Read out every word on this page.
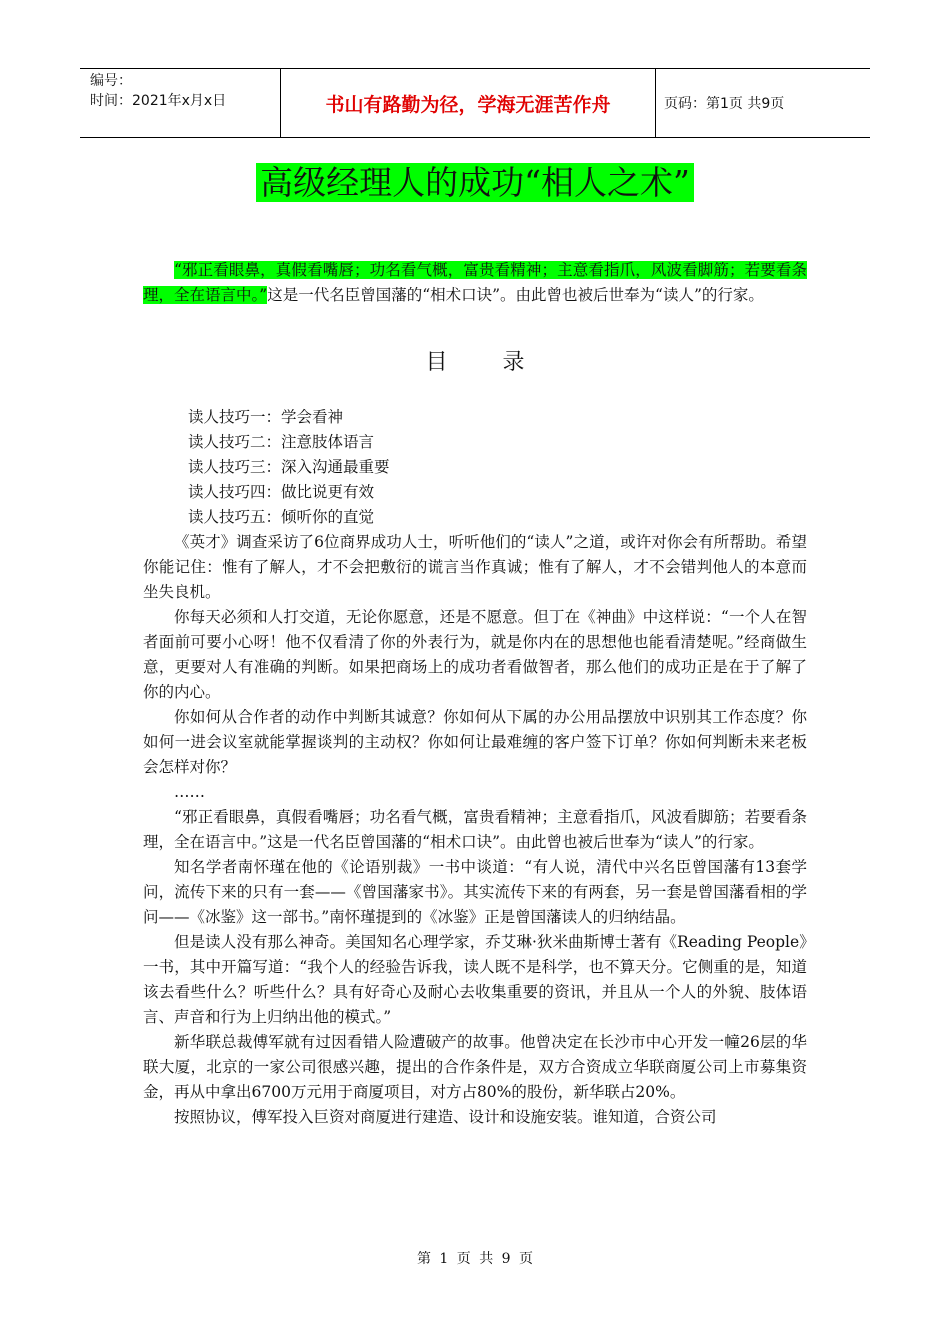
编号：
时间：2021年x月x日	书山有路勤为径，学海无涯苦作舟	页码：第1页 共9页
高级经理人的成功“相人之术”

“邪正看眼鼻，真假看嘴唇；功名看气概，富贵看精神；主意看指爪，风波看脚筋；若要看条理，全在语言中。”这是一代名臣曾国藩的“相术口诀”。由此曾也被后世奉为“读人”的行家。

目 录

读人技巧一：学会看神

读人技巧二：注意肢体语言

读人技巧三：深入沟通最重要

读人技巧四：做比说更有效

读人技巧五：倾听你的直觉

《英才》调查采访了6位商界成功人士，听听他们的“读人”之道，或许对你会有所帮助。希望你能记住：惟有了解人，才不会把敷衍的谎言当作真诚；惟有了解人，才不会错判他人的本意而坐失良机。

你每天必须和人打交道，无论你愿意，还是不愿意。但丁在《神曲》中这样说：“一个人在智者面前可要小心呀！他不仅看清了你的外表行为，就是你内在的思想他也能看清楚呢。”经商做生意，更要对人有准确的判断。如果把商场上的成功者看做智者，那么他们的成功正是在于了解了你的内心。

你如何从合作者的动作中判断其诚意？你如何从下属的办公用品摆放中识别其工作态度？你如何一进会议室就能掌握谈判的主动权？你如何让最难缠的客户签下订单？你如何判断未来老板会怎样对你？

……

“邪正看眼鼻，真假看嘴唇；功名看气概，富贵看精神；主意看指爪，风波看脚筋；若要看条理，全在语言中。”这是一代名臣曾国藩的“相术口诀”。由此曾也被后世奉为“读人”的行家。

知名学者南怀瑾在他的《论语别裁》一书中谈道：“有人说，清代中兴名臣曾国藩有13套学问，流传下来的只有一套——《曾国藩家书》。其实流传下来的有两套，另一套是曾国藩看相的学问——《冰鉴》这一部书。”南怀瑾提到的《冰鉴》正是曾国藩读人的归纳结晶。

但是读人没有那么神奇。美国知名心理学家，乔艾琳·狄米曲斯博士著有《Reading People》一书，其中开篇写道：“我个人的经验告诉我，读人既不是科学，也不算天分。它侧重的是，知道该去看些什么？听些什么？具有好奇心及耐心去收集重要的资讯，并且从一个人的外貌、肢体语言、声音和行为上归纳出他的模式。”

新华联总裁傅军就有过因看错人险遭破产的故事。他曾决定在长沙市中心开发一幢26层的华联大厦，北京的一家公司很感兴趣，提出的合作条件是，双方合资成立华联商厦公司上市募集资金，再从中拿出6700万元用于商厦项目，对方占80%的股份，新华联占20%。

按照协议，傅军投入巨资对商厦进行建造、设计和设施安装。谁知道，合资公司

第 1 页 共 9 页
